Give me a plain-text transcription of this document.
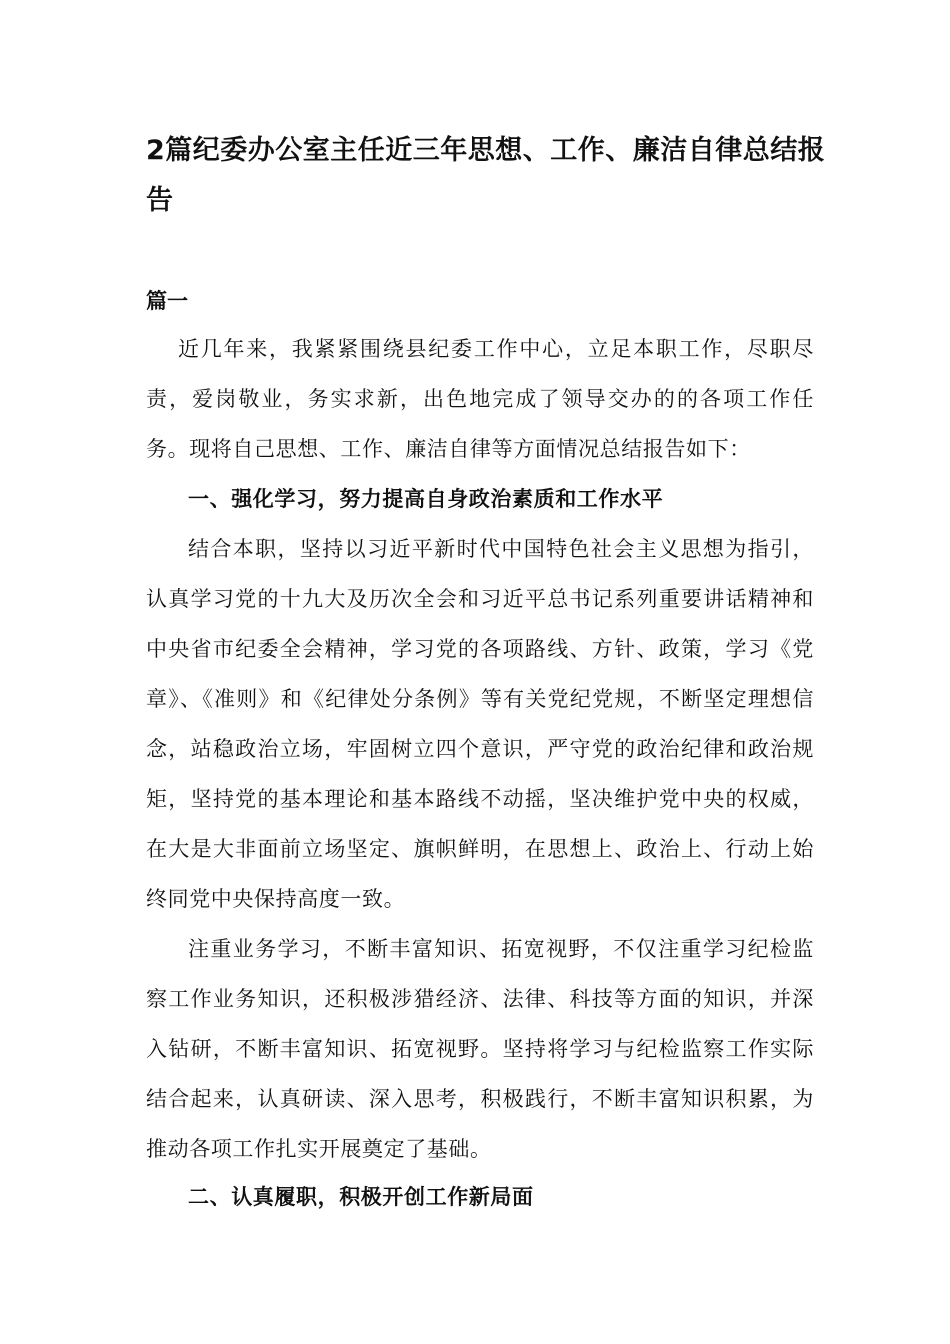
2篇纪委办公室主任近三年思想、工作、廉洁自律总结报告

篇一

近几年来，我紧紧围绕县纪委工作中心，立足本职工作，尽职尽责，爱岗敬业，务实求新，出色地完成了领导交办的的各项工作任务。现将自己思想、工作、廉洁自律等方面情况总结报告如下：

一、强化学习，努力提高自身政治素质和工作水平

结合本职，坚持以习近平新时代中国特色社会主义思想为指引，认真学习党的十九大及历次全会和习近平总书记系列重要讲话精神和中央省市纪委全会精神，学习党的各项路线、方针、政策，学习《党章》、《准则》和《纪律处分条例》等有关党纪党规，不断坚定理想信念，站稳政治立场，牢固树立四个意识，严守党的政治纪律和政治规矩，坚持党的基本理论和基本路线不动摇，坚决维护党中央的权威，在大是大非面前立场坚定、旗帜鲜明，在思想上、政治上、行动上始终同党中央保持高度一致。

注重业务学习，不断丰富知识、拓宽视野，不仅注重学习纪检监察工作业务知识，还积极涉猎经济、法律、科技等方面的知识，并深入钻研，不断丰富知识、拓宽视野。坚持将学习与纪检监察工作实际结合起来，认真研读、深入思考，积极践行，不断丰富知识积累，为推动各项工作扎实开展奠定了基础。

二、认真履职，积极开创工作新局面
